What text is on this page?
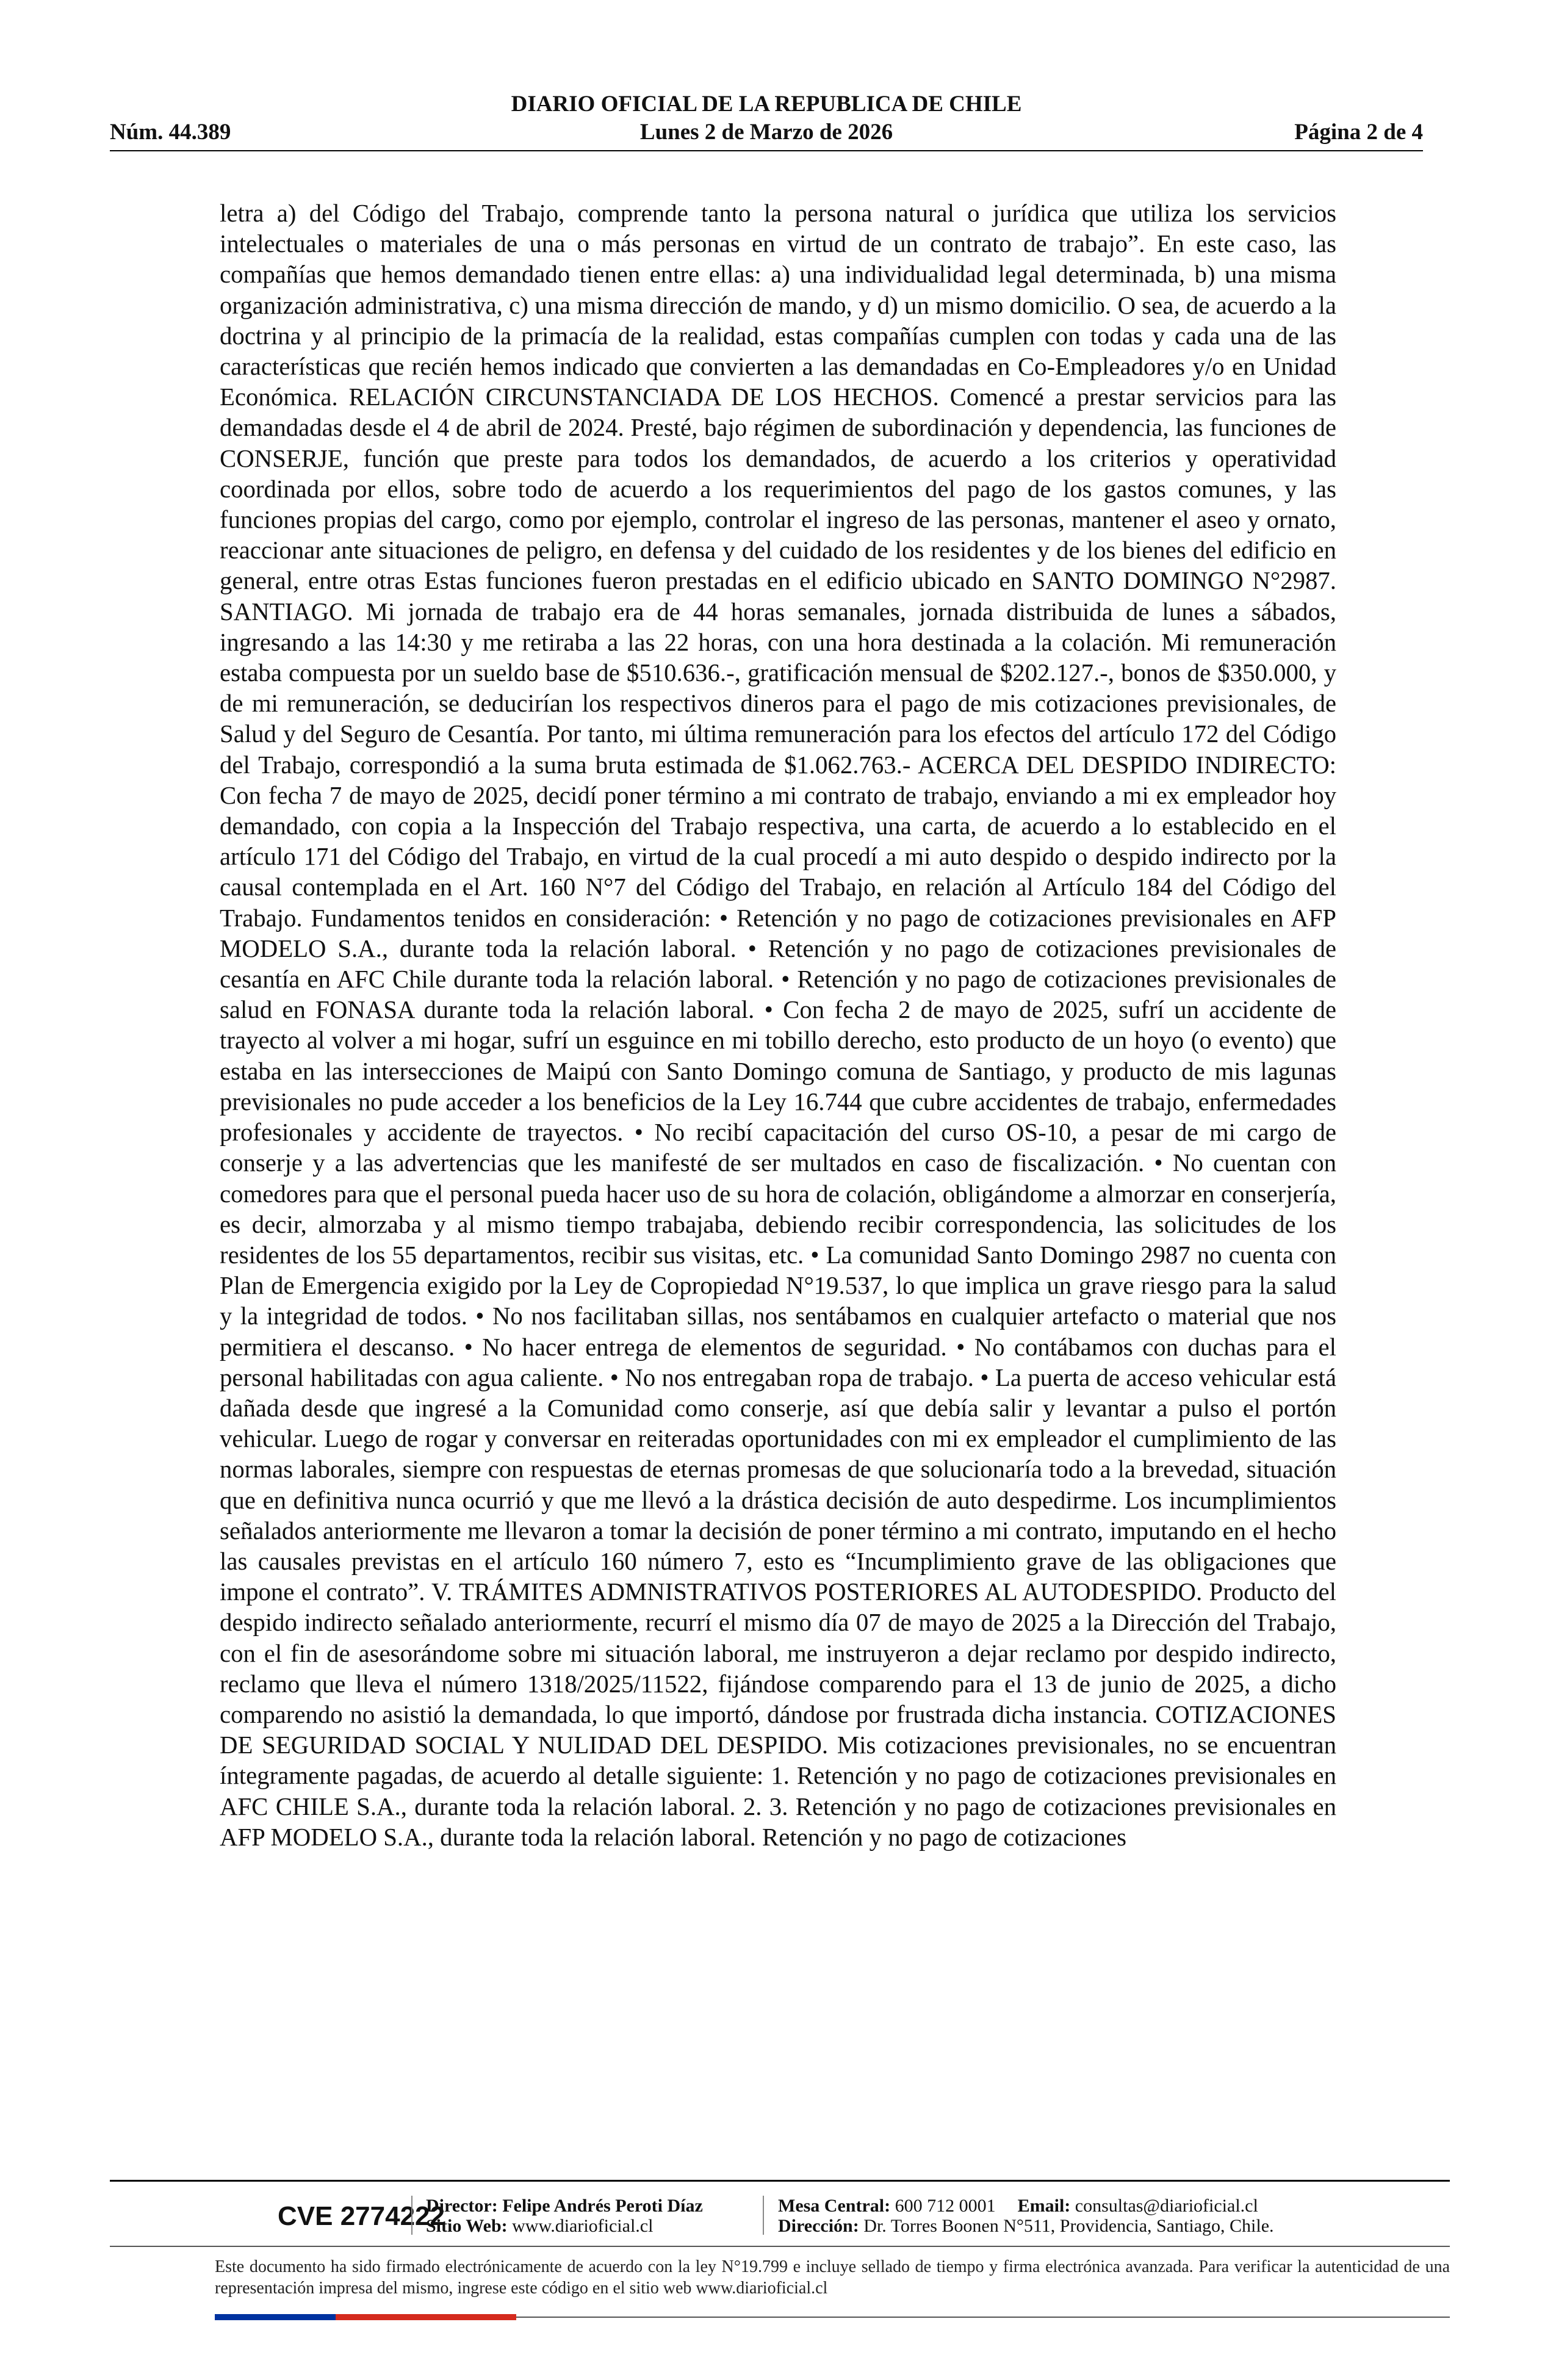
DIARIO OFICIAL DE LA REPUBLICA DE CHILE
Núm. 44.389	Lunes 2 de Marzo de 2026	Página 2 de 4
letra a) del Código del Trabajo, comprende tanto la persona natural o jurídica que utiliza los servicios intelectuales o materiales de una o más personas en virtud de un contrato de trabajo”. En este caso, las compañías que hemos demandado tienen entre ellas: a) una individualidad legal determinada, b) una misma organización administrativa, c) una misma dirección de mando, y d) un mismo domicilio. O sea, de acuerdo a la doctrina y al principio de la primacía de la realidad, estas compañías cumplen con todas y cada una de las características que recién hemos indicado que convierten a las demandadas en Co-Empleadores y/o en Unidad Económica. RELACIÓN CIRCUNSTANCIADA DE LOS HECHOS. Comencé a prestar servicios para las demandadas desde el 4 de abril de 2024. Presté, bajo régimen de subordinación y dependencia, las funciones de CONSERJE, función que preste para todos los demandados, de acuerdo a los criterios y operatividad coordinada por ellos, sobre todo de acuerdo a los requerimientos del pago de los gastos comunes, y las funciones propias del cargo, como por ejemplo, controlar el ingreso de las personas, mantener el aseo y ornato, reaccionar ante situaciones de peligro, en defensa y del cuidado de los residentes y de los bienes del edificio en general, entre otras Estas funciones fueron prestadas en el edificio ubicado en SANTO DOMINGO N°2987. SANTIAGO. Mi jornada de trabajo era de 44 horas semanales, jornada distribuida de lunes a sábados, ingresando a las 14:30 y me retiraba a las 22 horas, con una hora destinada a la colación. Mi remuneración estaba compuesta por un sueldo base de $510.636.-, gratificación mensual de $202.127.-, bonos de $350.000, y de mi remuneración, se deducirían los respectivos dineros para el pago de mis cotizaciones previsionales, de Salud y del Seguro de Cesantía. Por tanto, mi última remuneración para los efectos del artículo 172 del Código del Trabajo, correspondió a la suma bruta estimada de $1.062.763.- ACERCA DEL DESPIDO INDIRECTO: Con fecha 7 de mayo de 2025, decidí poner término a mi contrato de trabajo, enviando a mi ex empleador hoy demandado, con copia a la Inspección del Trabajo respectiva, una carta, de acuerdo a lo establecido en el artículo 171 del Código del Trabajo, en virtud de la cual procedí a mi auto despido o despido indirecto por la causal contemplada en el Art. 160 N°7 del Código del Trabajo, en relación al Artículo 184 del Código del Trabajo. Fundamentos tenidos en consideración: • Retención y no pago de cotizaciones previsionales en AFP MODELO S.A., durante toda la relación laboral. • Retención y no pago de cotizaciones previsionales de cesantía en AFC Chile durante toda la relación laboral. • Retención y no pago de cotizaciones previsionales de salud en FONASA durante toda la relación laboral. • Con fecha 2 de mayo de 2025, sufrí un accidente de trayecto al volver a mi hogar, sufrí un esguince en mi tobillo derecho, esto producto de un hoyo (o evento) que estaba en las intersecciones de Maipú con Santo Domingo comuna de Santiago, y producto de mis lagunas previsionales no pude acceder a los beneficios de la Ley 16.744 que cubre accidentes de trabajo, enfermedades profesionales y accidente de trayectos. • No recibí capacitación del curso OS-10, a pesar de mi cargo de conserje y a las advertencias que les manifesté de ser multados en caso de fiscalización. • No cuentan con comedores para que el personal pueda hacer uso de su hora de colación, obligándome a almorzar en conserjería, es decir, almorzaba y al mismo tiempo trabajaba, debiendo recibir correspondencia, las solicitudes de los residentes de los 55 departamentos, recibir sus visitas, etc. • La comunidad Santo Domingo 2987 no cuenta con Plan de Emergencia exigido por la Ley de Copropiedad N°19.537, lo que implica un grave riesgo para la salud y la integridad de todos. • No nos facilitaban sillas, nos sentábamos en cualquier artefacto o material que nos permitiera el descanso. • No hacer entrega de elementos de seguridad. • No contábamos con duchas para el personal habilitadas con agua caliente. • No nos entregaban ropa de trabajo. • La puerta de acceso vehicular está dañada desde que ingresé a la Comunidad como conserje, así que debía salir y levantar a pulso el portón vehicular. Luego de rogar y conversar en reiteradas oportunidades con mi ex empleador el cumplimiento de las normas laborales, siempre con respuestas de eternas promesas de que solucionaría todo a la brevedad, situación que en definitiva nunca ocurrió y que me llevó a la drástica decisión de auto despedirme. Los incumplimientos señalados anteriormente me llevaron a tomar la decisión de poner término a mi contrato, imputando en el hecho las causales previstas en el artículo 160 número 7, esto es “Incumplimiento grave de las obligaciones que impone el contrato”. V. TRÁMITES ADMNISTRATIVOS POSTERIORES AL AUTODESPIDO. Producto del despido indirecto señalado anteriormente, recurrí el mismo día 07 de mayo de 2025 a la Dirección del Trabajo, con el fin de asesorándome sobre mi situación laboral, me instruyeron a dejar reclamo por despido indirecto, reclamo que lleva el número 1318/2025/11522, fijándose comparendo para el 13 de junio de 2025, a dicho comparendo no asistió la demandada, lo que importó, dándose por frustrada dicha instancia. COTIZACIONES DE SEGURIDAD SOCIAL Y NULIDAD DEL DESPIDO. Mis cotizaciones previsionales, no se encuentran íntegramente pagadas, de acuerdo al detalle siguiente: 1. Retención y no pago de cotizaciones previsionales en AFC CHILE S.A., durante toda la relación laboral. 2. 3. Retención y no pago de cotizaciones previsionales en AFP MODELO S.A., durante toda la relación laboral. Retención y no pago de cotizaciones
CVE 2774222
Director: Felipe Andrés Peroti Díaz
Sitio Web: www.diarioficial.cl
Mesa Central: 600 712 0001 Email: consultas@diarioficial.cl
Dirección: Dr. Torres Boonen N°511, Providencia, Santiago, Chile.
Este documento ha sido firmado electrónicamente de acuerdo con la ley N°19.799 e incluye sellado de tiempo y firma electrónica avanzada. Para verificar la autenticidad de una representación impresa del mismo, ingrese este código en el sitio web www.diarioficial.cl
